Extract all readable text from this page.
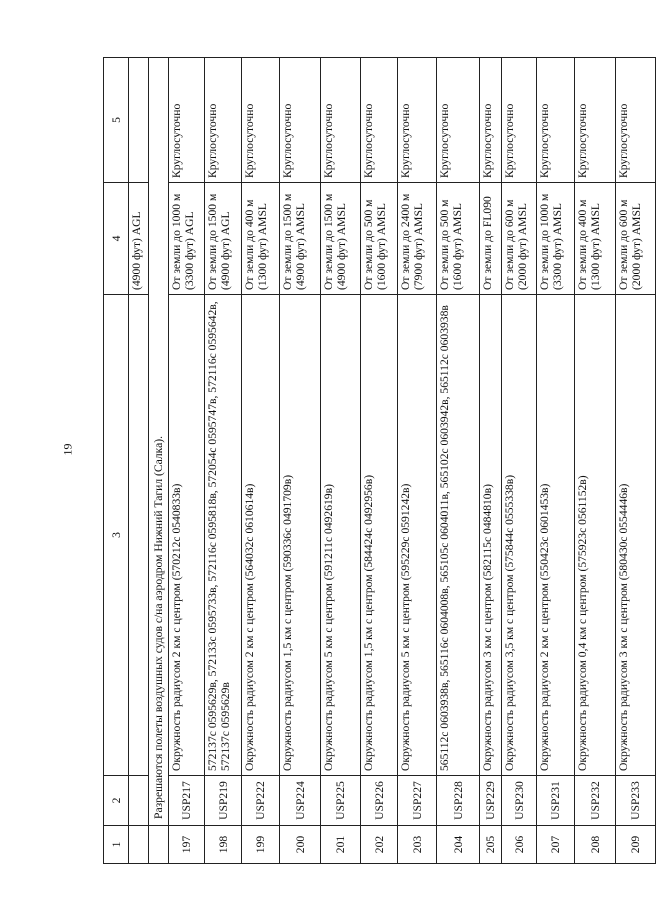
19
1	2	3	4	5
			(4900 фут) AGL	
	Разрешаются полеты воздушных судов с/на аэродром Нижний Тагил (Салка).			
197	USP217	Окружность радиусом 2 км с центром (570212с 0540833в)	От земли до 1000 м (3300 фут) AGL	Круглосуточно
198	USP219	572137с 0595629в, 572133с 0595733в, 572116с 0595818в, 572054с 0595747в, 572116с 0595642в, 572137с 0595629в	От земли до 1500 м (4900 фут) AGL	Круглосуточно
199	USP222	Окружность радиусом 2 км с центром (564032с 0610614в)	От земли до 400 м (1300 фут) AMSL	Круглосуточно
200	USP224	Окружность радиусом 1,5 км с центром (590336с 0491709в)	От земли до 1500 м (4900 фут) AMSL	Круглосуточно
201	USP225	Окружность радиусом 5 км с центром (591211с 0492619в)	От земли до 1500 м (4900 фут) AMSL	Круглосуточно
202	USP226	Окружность радиусом 1,5 км с центром (584424с 0492956в)	От земли до 500 м (1600 фут) AMSL	Круглосуточно
203	USP227	Окружность радиусом 5 км с центром (595229с 0591242в)	От земли до 2400 м (7900 фут) AMSL	Круглосуточно
204	USP228	565112с 0603938в, 565116с 0604008в, 565105с 0604011в, 565102с 0603942в, 565112с 0603938в	От земли до 500 м (1600 фут) AMSL	Круглосуточно
205	USP229	Окружность радиусом 3 км с центром (582115с 0484810в)	От земли до FL090	Круглосуточно
206	USP230	Окружность радиусом 3,5 км с центром (575844с 0555338в)	От земли до 600 м (2000 фут) AMSL	Круглосуточно
207	USP231	Окружность радиусом 2 км с центром (550423с 0601453в)	От земли до 1000 м (3300 фут) AMSL	Круглосуточно
208	USP232	Окружность радиусом 0,4 км с центром (575923с 0561152в)	От земли до 400 м (1300 фут) AMSL	Круглосуточно
209	USP233	Окружность радиусом 3 км с центром (580430с 0554446в)	От земли до 600 м (2000 фут) AMSL	Круглосуточно
